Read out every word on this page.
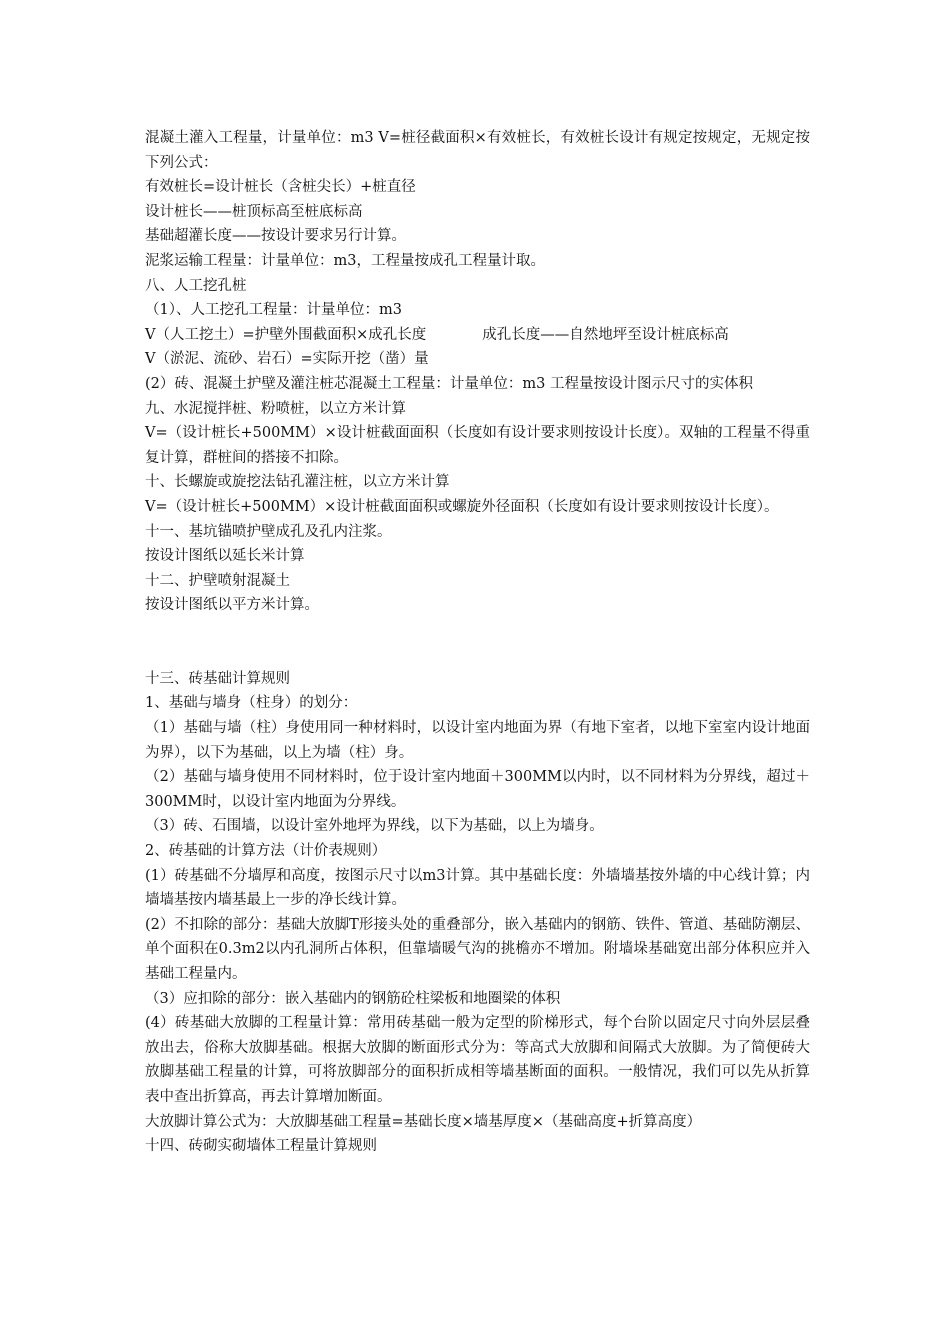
混凝土灌入工程量，计量单位：m3 V=桩径截面积×有效桩长，有效桩长设计有规定按规定，无规定按下列公式：

有效桩长=设计桩长（含桩尖长）+桩直径

设计桩长——桩顶标高至桩底标高

基础超灌长度——按设计要求另行计算。

泥浆运输工程量：计量单位：m3，工程量按成孔工程量计取。

八、人工挖孔桩

（1）、人工挖孔工程量：计量单位：m3

V（人工挖土）=护壁外围截面积×成孔长度	成孔长度——自然地坪至设计桩底标高

V（淤泥、流砂、岩石）=实际开挖（凿）量

(2）砖、混凝土护壁及灌注桩芯混凝土工程量：计量单位：m3 工程量按设计图示尺寸的实体积

九、水泥搅拌桩、粉喷桩，以立方米计算

V=（设计桩长+500MM）×设计桩截面面积（长度如有设计要求则按设计长度）。双轴的工程量不得重复计算，群桩间的搭接不扣除。

十、长螺旋或旋挖法钻孔灌注桩，以立方米计算

V=（设计桩长+500MM）×设计桩截面面积或螺旋外径面积（长度如有设计要求则按设计长度）。

十一、基坑锚喷护壁成孔及孔内注浆。

按设计图纸以延长米计算

十二、护壁喷射混凝土

按设计图纸以平方米计算。

十三、砖基础计算规则

1、基础与墙身（柱身）的划分：

（1）基础与墙（柱）身使用同一种材料时，以设计室内地面为界（有地下室者，以地下室室内设计地面为界），以下为基础，以上为墙（柱）身。

（2）基础与墙身使用不同材料时，位于设计室内地面＋300MM以内时，以不同材料为分界线，超过＋300MM时，以设计室内地面为分界线。

（3）砖、石围墙，以设计室外地坪为界线，以下为基础，以上为墙身。

2、砖基础的计算方法（计价表规则）

(1）砖基础不分墙厚和高度，按图示尺寸以m3计算。其中基础长度：外墙墙基按外墙的中心线计算；内墙墙基按内墙基最上一步的净长线计算。

(2）不扣除的部分：基础大放脚T形接头处的重叠部分，嵌入基础内的钢筋、铁件、管道、基础防潮层、单个面积在0.3m2以内孔洞所占体积，但靠墙暖气沟的挑檐亦不增加。附墙垛基础宽出部分体积应并入基础工程量内。

（3）应扣除的部分：嵌入基础内的钢筋砼柱梁板和地圈梁的体积

(4）砖基础大放脚的工程量计算：常用砖基础一般为定型的阶梯形式，每个台阶以固定尺寸向外层层叠放出去，俗称大放脚基础。根据大放脚的断面形式分为：等高式大放脚和间隔式大放脚。为了简便砖大放脚基础工程量的计算，可将放脚部分的面积折成相等墙基断面的面积。一般情况，我们可以先从折算表中查出折算高，再去计算增加断面。

大放脚计算公式为：大放脚基础工程量=基础长度×墙基厚度×（基础高度+折算高度）

十四、砖砌实砌墙体工程量计算规则
